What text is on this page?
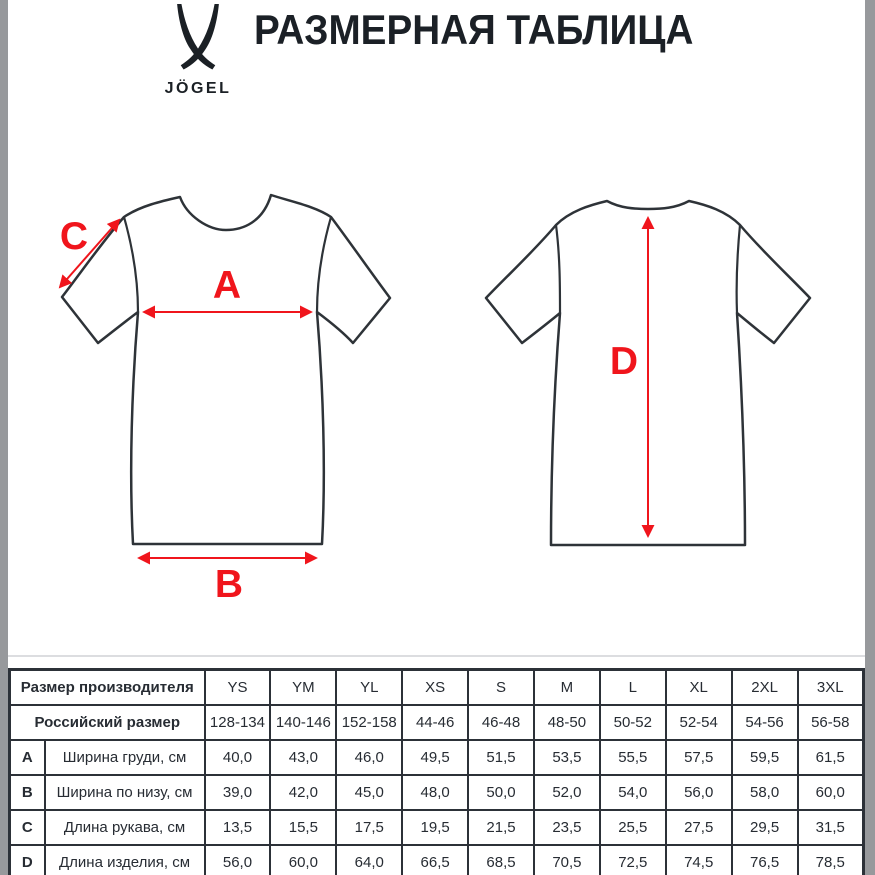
JÖGEL
РАЗМЕРНАЯ ТАБЛИЦА
A
B
C
D
Размер производителя		YS	YM	YL	XS	S	M	L	XL	2XL	3XL
Российский размер		128-134	140-146	152-158	44-46	46-48	48-50	50-52	52-54	54-56	56-58
A	Ширина груди, см	40,0	43,0	46,0	49,5	51,5	53,5	55,5	57,5	59,5	61,5
B	Ширина по низу, см	39,0	42,0	45,0	48,0	50,0	52,0	54,0	56,0	58,0	60,0
C	Длина рукава, см	13,5	15,5	17,5	19,5	21,5	23,5	25,5	27,5	29,5	31,5
D	Длина изделия, см	56,0	60,0	64,0	66,5	68,5	70,5	72,5	74,5	76,5	78,5
